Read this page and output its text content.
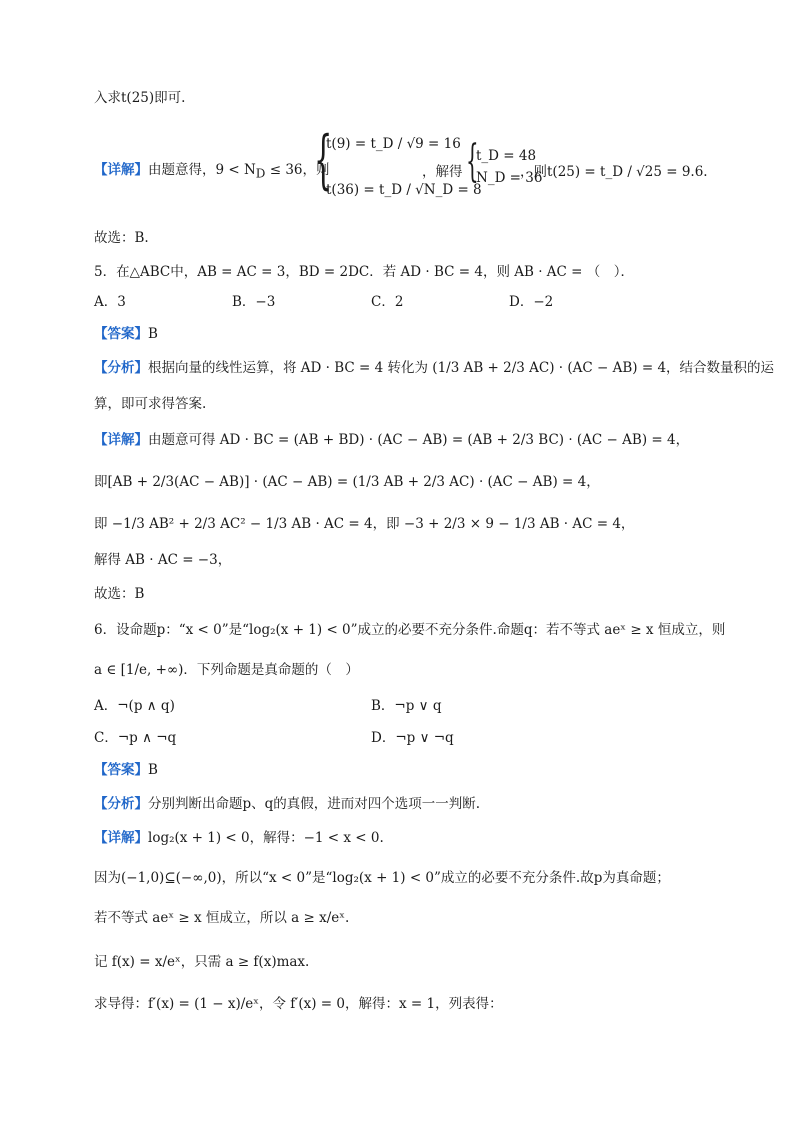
入求t(25)即可.
【详解】由题意得，$9 < N_D \le 36$，则
{
t(9) = t_D / √9 = 16
t(36) = t_D / √N_D = 8
，解得 {
t_D = 48
N_D = 36
，则t(25) = t_D / √25 = 9.6.
故选：B.
5．在△ABC中，AB = AC = 3，BD = 2DC．若 AD · BC = 4，则 AB · AC = （　）．
A．3	B．−3	C．2	D．−2
【答案】B
【分析】根据向量的线性运算，将 AD · BC = 4 转化为 (1/3 AB + 2/3 AC) · (AC − AB) = 4，结合数量积的运
算，即可求得答案.
【详解】由题意可得 AD · BC = (AB + BD) · (AC − AB) = (AB + 2/3 BC) · (AC − AB) = 4，
即[AB + 2/3(AC − AB)] · (AC − AB) = (1/3 AB + 2/3 AC) · (AC − AB) = 4，
即 −1/3 AB² + 2/3 AC² − 1/3 AB · AC = 4，即 −3 + 2/3 × 9 − 1/3 AB · AC = 4，
解得 AB · AC = −3，
故选：B
6．设命题p：“x < 0”是“log₂(x + 1) < 0”成立的必要不充分条件.命题q：若不等式 aeˣ ≥ x 恒成立，则
a ∈ [1/e, +∞)．下列命题是真命题的（　）
A．¬(p ∧ q)	B．¬p ∨ q
C．¬p ∧ ¬q	D．¬p ∨ ¬q
【答案】B
【分析】分别判断出命题p、q的真假，进而对四个选项一一判断.
【详解】log₂(x + 1) < 0，解得：−1 < x < 0.
因为(−1,0)⊆(−∞,0)，所以“x < 0”是“log₂(x + 1) < 0”成立的必要不充分条件.故p为真命题；
若不等式 aeˣ ≥ x 恒成立，所以 a ≥ x/eˣ.
记 f(x) = x/eˣ，只需 a ≥ f(x)max.
求导得：f′(x) = (1 − x)/eˣ，令 f′(x) = 0，解得：x = 1，列表得：
